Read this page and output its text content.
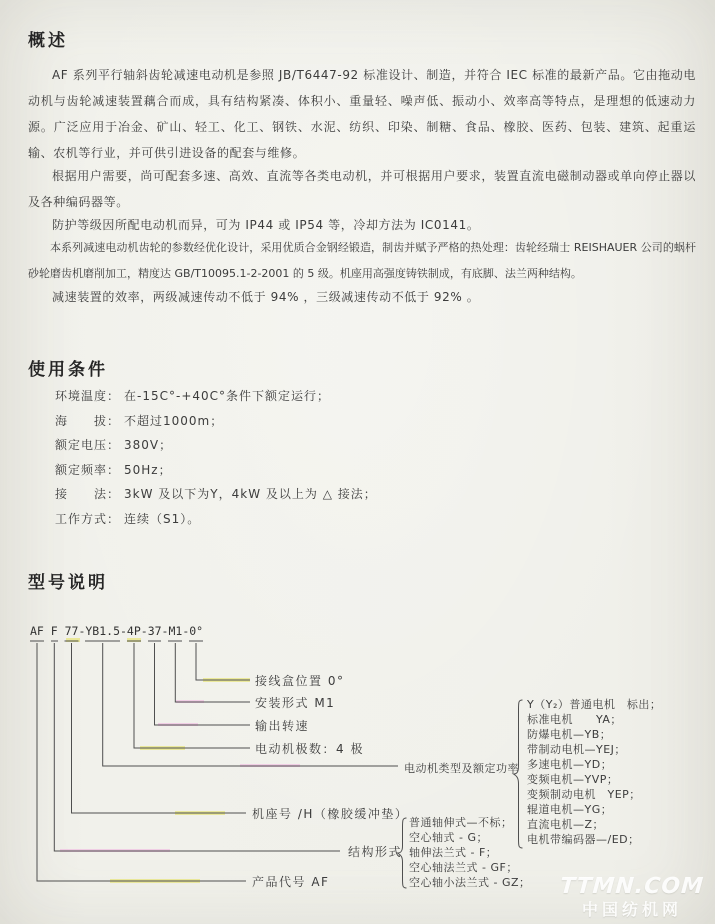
概述

AF 系列平行轴斜齿轮减速电动机是参照 JB/T6447-92 标准设计、制造，并符合 IEC 标准的最新产品。它由拖动电动机与齿轮减速装置藕合而成，具有结构紧凑、体积小、重量轻、噪声低、振动小、效率高等特点，是理想的低速动力源。广泛应用于冶金、矿山、轻工、化工、钢铁、水泥、纺织、印染、制糖、食品、橡胶、医药、包装、建筑、起重运输、农机等行业，并可供引进设备的配套与维修。

根据用户需要，尚可配套多速、高效、直流等各类电动机，并可根据用户要求，装置直流电磁制动器或单向停止器以及各种编码器等。

防护等级因所配电动机而异，可为 IP44 或 IP54 等，冷却方法为 IC0141。

本系列减速电动机齿轮的参数经优化设计，采用优质合金钢经锻造，制齿并赋予严格的热处理：齿轮经瑞士 REISHAUER 公司的蜗杆砂轮磨齿机磨削加工，精度达 GB/T10095.1-2-2001 的 5 级。机座用高强度铸铁制成，有底脚、法兰两种结构。

减速装置的效率，两级减速传动不低于 94% ，三级减速传动不低于 92% 。

使用条件
环境温度： 在-15C°-+40C°条件下额定运行；
海　　拔： 不超过1000m；
额定电压： 380V；
额定频率： 50Hz；
接　　法： 3kW 及以下为Y，4kW 及以上为 △ 接法；
工作方式： 连续（S1）。
型号说明
AF F 77-YB1.5-4P-37-M1-0°
接线盒位置 0°
安装形式 M1
输出转速
电动机极数：4 极
电动机类型及额定功率
机座号 /H（橡胶缓冲垫）
结构形式
产品代号 AF
Y（Y₂）普通电机　标出；
标准电机　　YA；
防爆电机—YB；
带制动电机—YEJ；
多速电机—YD；
变频电机—YVP；
变频制动电机　YEP；
辊道电机—YG；
直流电机—Z；
电机带编码器—/ED；
普通轴伸式—不标；
空心轴式 - G；
轴伸法兰式 - F；
空心轴法兰式 - GF；
空心轴小法兰式 - GZ；	TTMN.COM
中国纺机网
